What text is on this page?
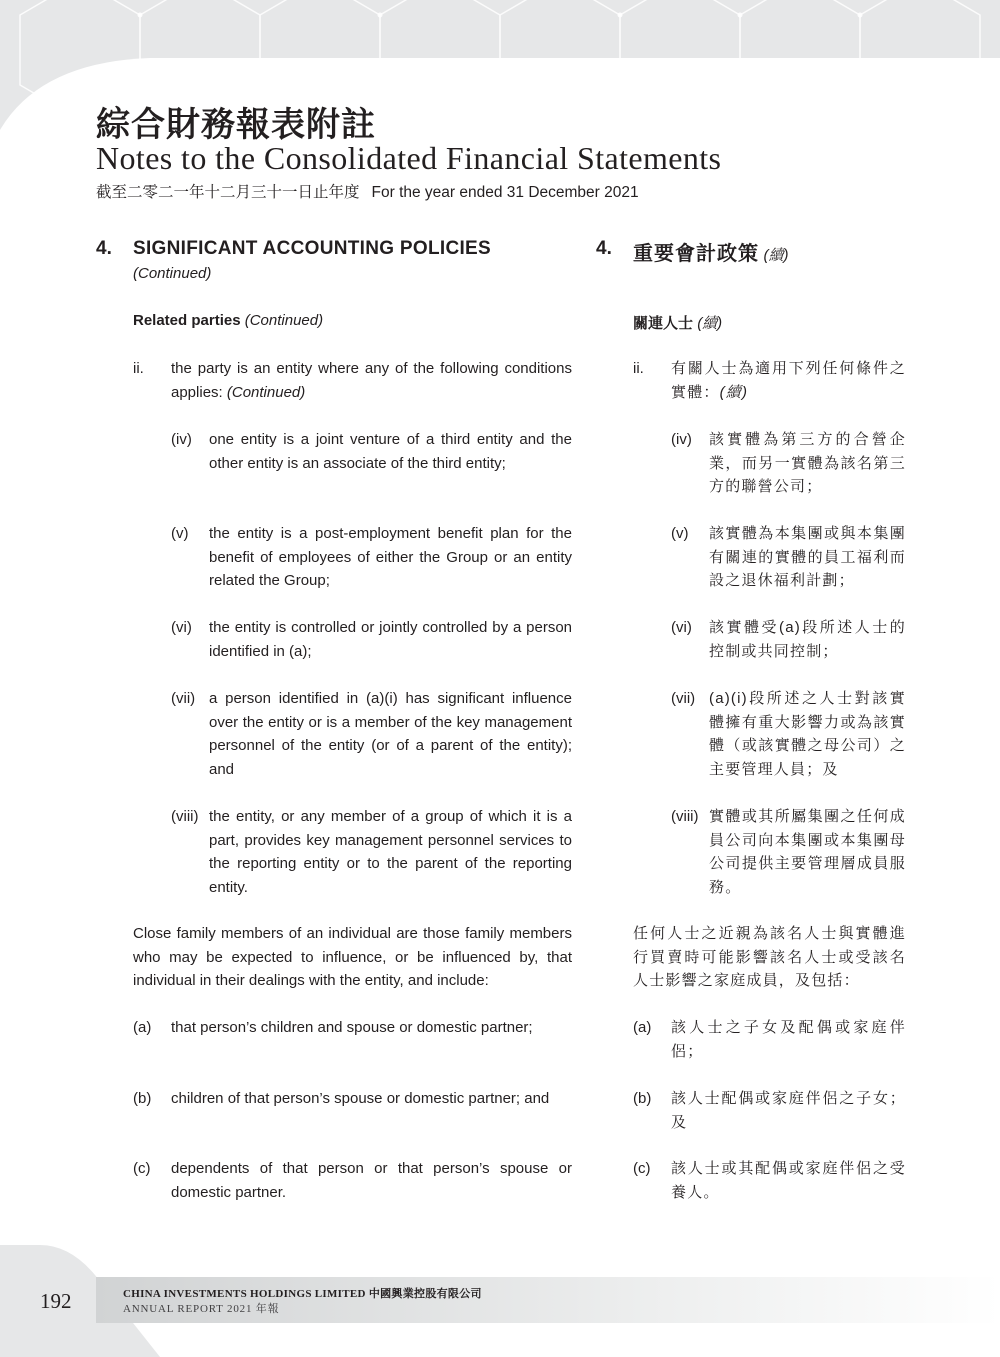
綜合財務報表附註
Notes to the Consolidated Financial Statements
截至二零二一年十二月三十一日止年度 For the year ended 31 December 2021
4. SIGNIFICANT ACCOUNTING POLICIES
(Continued)
Related parties (Continued)
ii. the party is an entity where any of the following conditions applies: (Continued)
(iv) one entity is a joint venture of a third entity and the other entity is an associate of the third entity;
(v) the entity is a post-employment benefit plan for the benefit of employees of either the Group or an entity related the Group;
(vi) the entity is controlled or jointly controlled by a person identified in (a);
(vii) a person identified in (a)(i) has significant influence over the entity or is a member of the key management personnel of the entity (or of a parent of the entity); and
(viii) the entity, or any member of a group of which it is a part, provides key management personnel services to the reporting entity or to the parent of the reporting entity.
Close family members of an individual are those family members who may be expected to influence, or be influenced by, that individual in their dealings with the entity, and include:
(a) that person’s children and spouse or domestic partner;
(b) children of that person’s spouse or domestic partner; and
(c) dependents of that person or that person’s spouse or domestic partner.
4. 重要會計政策 (續)
關連人士 (續)
ii. 有關人士為適用下列任何條件之實體：(續)
(iv) 該實體為第三方的合營企業，而另一實體為該名第三方的聯營公司；
(v) 該實體為本集團或與本集團有關連的實體的員工福利而設之退休福利計劃；
(vi) 該實體受(a)段所述人士的控制或共同控制；
(vii) (a)(i)段所述之人士對該實體擁有重大影響力或為該實體（或該實體之母公司）之主要管理人員；及
(viii) 實體或其所屬集團之任何成員公司向本集團或本集團母公司提供主要管理層成員服務。
任何人士之近親為該名人士與實體進行買賣時可能影響該名人士或受該名人士影響之家庭成員，及包括：
(a) 該人士之子女及配偶或家庭伴侶；
(b) 該人士配偶或家庭伴侶之子女；及
(c) 該人士或其配偶或家庭伴侶之受養人。
192	CHINA INVESTMENTS HOLDINGS LIMITED 中國興業控股有限公司
ANNUAL REPORT 2021 年報
